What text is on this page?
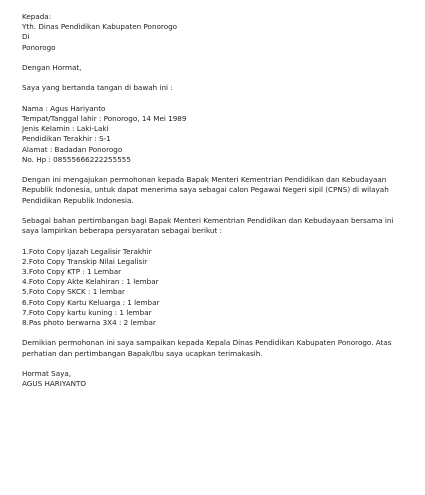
Kepada:
Yth. Dinas Pendidikan Kabupaten Ponorogo
Di
Ponorogo
Dengan Hormat,
Saya yang bertanda tangan di bawah ini :
Nama : Agus Hariyanto
Tempat/Tanggal lahir : Ponorogo, 14 Mei 1989
Jenis Kelamin : Laki-Laki
Pendidikan Terakhir : S-1
Alamat : Badadan Ponorogo
No. Hp : 08555666222255555
Dengan ini mengajukan permohonan kepada Bapak Menteri Kementrian Pendidikan dan Kebudayaan
Republik Indonesia, untuk dapat menerima saya sebagai calon Pegawai Negeri sipil (CPNS) di wilayah
Pendidikan Republik Indonesia.
Sebagai bahan pertimbangan bagi Bapak Menteri Kementrian Pendidikan dan Kebudayaan bersama ini
saya lampirkan beberapa persyaratan sebagai berikut :
1.Foto Copy Ijazah Legalisir Terakhir
2.Foto Copy Transkip Nilai Legalisir
3.Foto Copy KTP : 1 Lembar
4.Foto Copy Akte Kelahiran : 1 lembar
5.Foto Copy SKCK : 1 lembar
6.Foto Copy Kartu Keluarga : 1 lembar
7.Foto Copy kartu kuning : 1 lembar
8.Pas photo berwarna 3X4 : 2 lembar
Demikian permohonan ini saya sampaikan kepada Kepala Dinas Pendidikan Kabupaten Ponorogo. Atas
perhatian dan pertimbangan Bapak/Ibu saya ucapkan terimakasih.
Hormat Saya,
AGUS HARIYANTO
